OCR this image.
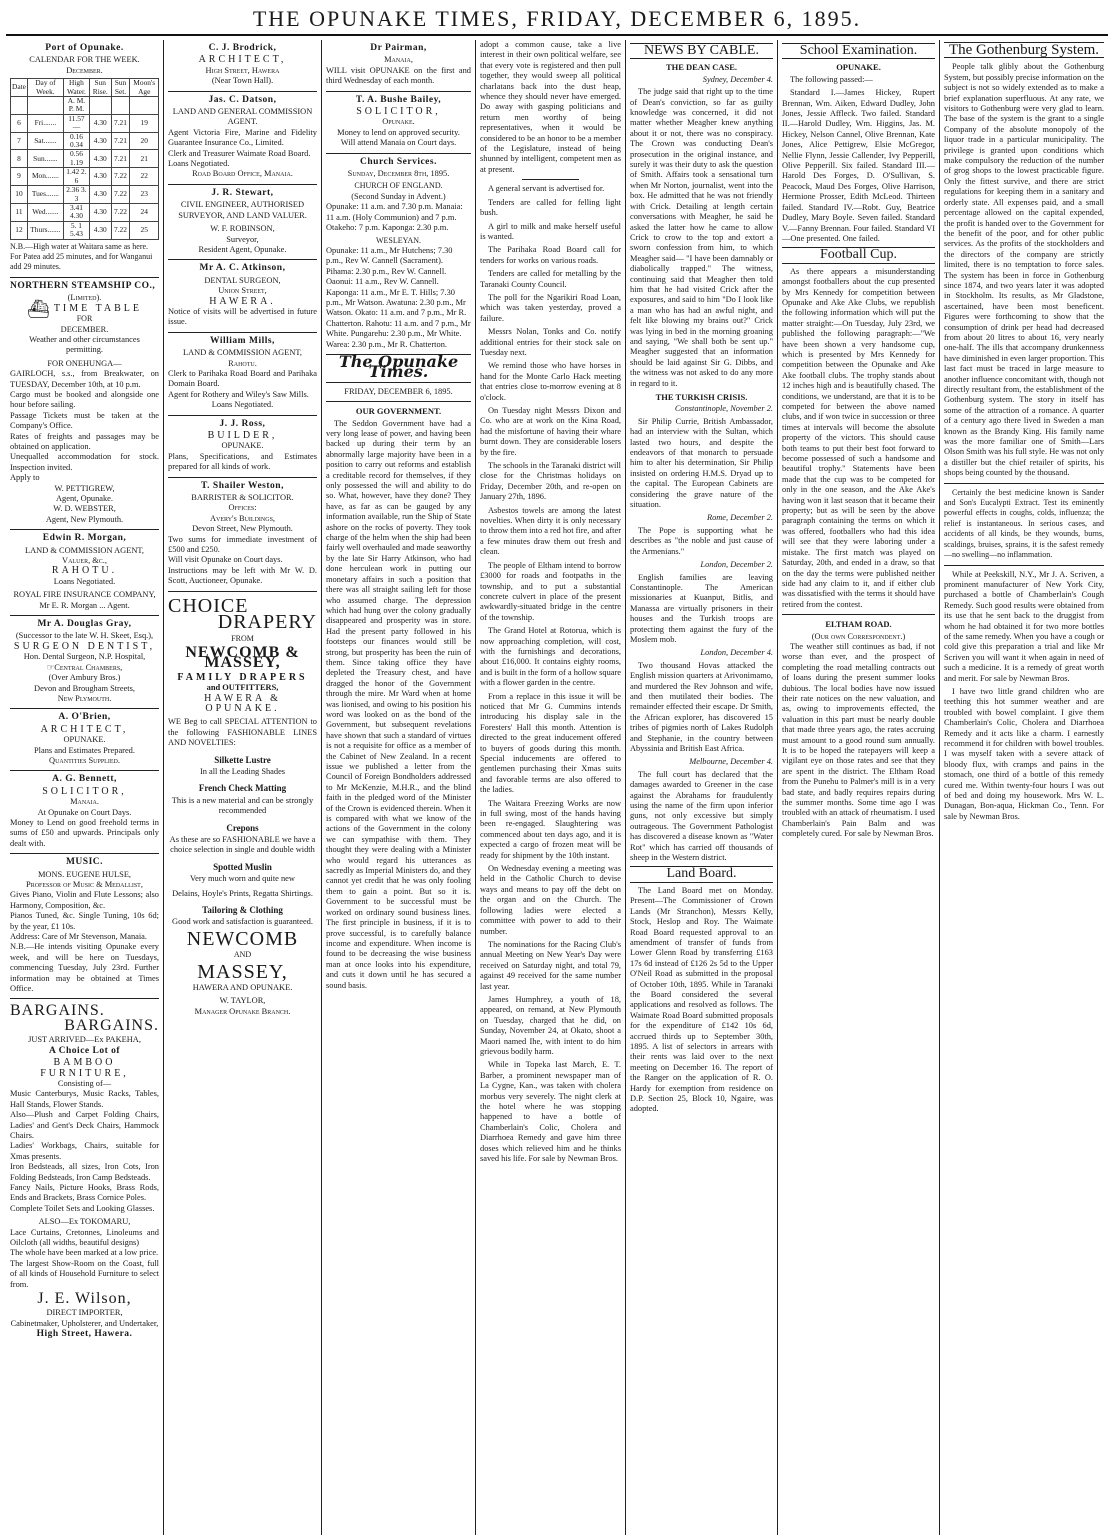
THE OPUNAKE TIMES, FRIDAY, DECEMBER 6, 1895.
Port of Opunake.
CALENDAR FOR THE WEEK.
December.
Date	Day of Week.	High Water.	Sun Rise.	Sun Set.	Moon's Age
		A. M. P. M.			
6	Fri.......	11.57 —	4.30	7.21	19
7	Sat.......	0.16 0.34	4.30	7.21	20
8	Sun.......	0.56 1.19	4.30	7.21	21
9	Mon.......	1.42 2. 6	4.30	7.22	22
10	Tues.......	2.36 3. 3	4.30	7.22	23
11	Wed.......	3.41 4.30	4.30	7.22	24
12	Thurs.......	5. 1 5.43	4.30	7.22	25
N.B.—High water at Waitara same as here. For Patea add 25 minutes, and for Wanganui add 29 minutes.
NORTHERN STEAMSHIP CO.,
(Limited).
⛴ TIME TABLE
FOR
DECEMBER.
Weather and other circumstances permitting.
FOR ONEHUNGA—
GAIRLOCH, s.s., from Breakwater, on TUESDAY, December 10th, at 10 p.m.
Cargo must be booked and alongside one hour before sailing.
Passage Tickets must be taken at the Company's Office.
Rates of freights and passages may be obtained on application.
Unequalled accommodation for stock. Inspection invited.
Apply to
W. PETTIGREW,
Agent, Opunake.
W. D. WEBSTER,
Agent, New Plymouth.
Edwin R. Morgan,
LAND & COMMISSION AGENT,
Valuer, &c.,
RAHOTU.
Loans Negotiated.
ROYAL FIRE INSURANCE COMPANY,
Mr E. R. Morgan ... Agent.
Mr A. Douglas Gray,
(Successor to the late W. H. Skeet, Esq.),
SURGEON DENTIST,
Hon. Dental Surgeon, N.P. Hospital,
☞Central Chambers,
(Over Ambury Bros.)
Devon and Brougham Streets,
New Plymouth.
A. O'Brien,
ARCHITECT,
OPUNAKE.
Plans and Estimates Prepared.
Quantities Supplied.
A. G. Bennett,
SOLICITOR,
Manaia.
At Opunake on Court Days.
Money to Lend on good freehold terms in sums of £50 and upwards. Principals only dealt with.
MUSIC.
MONS. EUGENE HULSE,
Professor of Music & Medallist,
Gives Piano, Violin and Flute Lessons; also Harmony, Composition, &c.
Pianos Tuned, &c. Single Tuning, 10s 6d; by the year, £1 10s.
Address: Care of Mr Stevenson, Manaia.
N.B.—He intends visiting Opunake every week, and will be here on Tuesdays, commencing Tuesday, July 23rd. Further information may be obtained at Times Office.
BARGAINS.
BARGAINS.
JUST ARRIVED—Ex PAKEHA,
A Choice Lot of
BAMBOO FURNITURE,
Consisting of—
Music Canterburys, Music Racks, Tables, Hall Stands, Flower Stands.
Also—Plush and Carpet Folding Chairs, Ladies' and Gent's Deck Chairs, Hammock Chairs.
Ladies' Workbags, Chairs, suitable for Xmas presents.
Iron Bedsteads, all sizes, Iron Cots, Iron Folding Bedsteads, Iron Camp Bedsteads.
Fancy Nails, Picture Hooks, Brass Rods, Ends and Brackets, Brass Cornice Poles.
Complete Toilet Sets and Looking Glasses.
ALSO—Ex TOKOMARU,
Lace Curtains, Cretonnes, Linoleums and Oilcloth (all widths, beautiful designs)
The whole have been marked at a low price.
The largest Show-Room on the Coast, full of all kinds of Household Furniture to select from.
J. E. Wilson,
DIRECT IMPORTER,
Cabinetmaker, Upholsterer, and Undertaker,
High Street, Hawera.
C. J. Brodrick,
ARCHITECT,
High Street, Hawera
(Near Town Hall).
Jas. C. Datson,
LAND AND GENERAL COMMISSION AGENT.
Agent Victoria Fire, Marine and Fidelity Guarantee Insurance Co., Limited.
Clerk and Treasurer Waimate Road Board.
Loans Negotiated.
Road Board Office, Manaia.
J. R. Stewart,
CIVIL ENGINEER, AUTHORISED SURVEYOR, AND LAND VALUER.
W. F. ROBINSON,
Surveyor,
Resident Agent, Opunake.
Mr A. C. Atkinson,
DENTAL SURGEON,
Union Street,
HAWERA.
Notice of visits will be advertised in future issue.
William Mills,
LAND & COMMISSION AGENT,
Rahotu.
Clerk to Parihaka Road Board and Parihaka Domain Board.
Agent for Rothery and Wiley's Saw Mills.
Loans Negotiated.
J. J. Ross,
BUILDER,
OPUNAKE.
Plans, Specifications, and Estimates prepared for all kinds of work.
T. Shailer Weston,
BARRISTER & SOLICITOR.
Offices:
Avery's Buildings,
Devon Street, New Plymouth.
Two sums for immediate investment of £500 and £250.
Will visit Opunake on Court days.
Instructions may be left with Mr W. D. Scott, Auctioneer, Opunake.
CHOICE
DRAPERY
FROM
NEWCOMB & MASSEY,
FAMILY DRAPERS
and OUTFITTERS,
HAWERA & OPUNAKE.
WE Beg to call SPECIAL ATTENTION to the following FASHIONABLE LINES AND NOVELTIES:
Silkette Lustre
In all the Leading Shades
French Check Matting
This is a new material and can be strongly recommended
Crepons
As these are so FASHIONABLE we have a choice selection in single and double width
Spotted Muslin
Very much worn and quite new
Delains, Hoyle's Prints, Regatta Shirtings.
Tailoring & Clothing
Good work and satisfaction is guaranteed.
NEWCOMB
AND
MASSEY,
HAWERA AND OPUNAKE.
W. TAYLOR,
Manager Opunake Branch.
Dr Pairman,
Manaia,
WILL visit OPUNAKE on the first and third Wednesday of each month.
T. A. Bushe Bailey,
SOLICITOR,
Opunake.
Money to lend on approved security.
Will attend Manaia on Court days.
Church Services.
Sunday, December 8th, 1895.
CHURCH OF ENGLAND.
(Second Sunday in Advent.)
Opunake: 11 a.m. and 7.30 p.m. Manaia: 11 a.m. (Holy Communion) and 7 p.m. Otakeho: 7 p.m. Kaponga: 2.30 p.m.
WESLEYAN.
Opunake: 11 a.m., Mr Hutchens; 7.30 p.m., Rev W. Cannell (Sacrament). Pihama: 2.30 p.m., Rev W. Cannell. Oaonui: 11 a.m., Rev W. Cannell. Kaponga: 11 a.m., Mr E. T. Hills; 7.30 p.m., Mr Watson. Awatuna: 2.30 p.m., Mr Watson. Okato: 11 a.m. and 7 p.m., Mr R. Chatterton. Rahotu: 11 a.m. and 7 p.m., Mr White. Pungarehu: 2.30 p.m., Mr White. Warea: 2.30 p.m., Mr R. Chatterton.
The Opunake Times.
FRIDAY, DECEMBER 6, 1895.
OUR GOVERNMENT.

The Seddon Government have had a very long lease of power, and having been backed up during their term by an abnormally large majority have been in a position to carry out reforms and establish a creditable record for themselves, if they only possessed the will and ability to do so. What, however, have they done? They have, as far as can be gauged by any information available, run the Ship of State ashore on the rocks of poverty. They took charge of the helm when the ship had been fairly well overhauled and made seaworthy by the late Sir Harry Atkinson, who had done herculean work in putting our monetary affairs in such a position that there was all straight sailing left for those who assumed charge. The depression which had hung over the colony gradually disappeared and prosperity was in store. Had the present party followed in his footsteps our finances would still be strong, but prosperity has been the ruin of them. Since taking office they have depleted the Treasury chest, and have dragged the honor of the Government through the mire. Mr Ward when at home was lionised, and owing to his position his word was looked on as the bond of the Government, but subsequent revelations have shown that such a standard of virtues is not a requisite for office as a member of the Cabinet of New Zealand. In a recent issue we published a letter from the Council of Foreign Bondholders addressed to Mr McKenzie, M.H.R., and the blind faith in the pledged word of the Minister of the Crown is evidenced therein. When it is compared with what we know of the actions of the Government in the colony we can sympathise with them. They thought they were dealing with a Minister who would regard his utterances as sacredly as Imperial Ministers do, and they cannot yet credit that he was only fooling them to gain a point. But so it is. Government to be successful must be worked on ordinary sound business lines. The first principle in business, if it is to prove successful, is to carefully balance income and expenditure. When income is found to be decreasing the wise business man at once looks into his expenditure, and cuts it down until he has secured a sound basis.

adopt a common cause, take a live interest in their own political welfare, see that every vote is registered and then pull together, they would sweep all political charlatans back into the dust heap, whence they should never have emerged. Do away with gasping politicians and return men worthy of being representatives, when it would be considered to be an honor to be a member of the Legislature, instead of being shunned by intelligent, competent men as at present.

A general servant is advertised for.

Tenders are called for felling light bush.

A girl to milk and make herself useful is wanted.

The Parihaka Road Board call for tenders for works on various roads.

Tenders are called for metalling by the Taranaki County Council.

The poll for the Ngarikiri Road Loan, which was taken yesterday, proved a failure.

Messrs Nolan, Tonks and Co. notify additional entries for their stock sale on Tuesday next.

We remind those who have horses in hand for the Monte Carlo Hack meeting that entries close to-morrow evening at 8 o'clock.

On Tuesday night Messrs Dixon and Co. who are at work on the Kina Road, had the misfortune of having their whare burnt down. They are considerable losers by the fire.

The schools in the Taranaki district will close for the Christmas holidays on Friday, December 20th, and re-open on January 27th, 1896.

Asbestos towels are among the latest novelties. When dirty it is only necessary to throw them into a red hot fire, and after a few minutes draw them out fresh and clean.

The people of Eltham intend to borrow £3000 for roads and footpaths in the township, and to put a substantial concrete culvert in place of the present awkwardly-situated bridge in the centre of the township.

The Grand Hotel at Rotorua, which is now approaching completion, will cost, with the furnishings and decorations, about £16,000. It contains eighty rooms, and is built in the form of a hollow square with a flower garden in the centre.

From a replace in this issue it will be noticed that Mr G. Cummins intends introducing his display sale in the Foresters' Hall this month. Attention is directed to the great inducement offered to buyers of goods during this month. Special inducements are offered to gentlemen purchasing their Xmas suits and favorable terms are also offered to the ladies.

The Waitara Freezing Works are now in full swing, most of the hands having been re-engaged. Slaughtering was commenced about ten days ago, and it is expected a cargo of frozen meat will be ready for shipment by the 10th instant.

On Wednesday evening a meeting was held in the Catholic Church to devise ways and means to pay off the debt on the organ and on the Church. The following ladies were elected a committee with power to add to their number.

The nominations for the Racing Club's annual Meeting on New Year's Day were received on Saturday night, and total 79, against 49 received for the same number last year.

James Humphrey, a youth of 18, appeared, on remand, at New Plymouth on Tuesday, charged that he did, on Sunday, November 24, at Okato, shoot a Maori named Ihe, with intent to do him grievous bodily harm.

While in Topeka last March, E. T. Barber, a prominent newspaper man of La Cygne, Kan., was taken with cholera morbus very severely. The night clerk at the hotel where he was stopping happened to have a bottle of Chamberlain's Colic, Cholera and Diarrhoea Remedy and gave him three doses which relieved him and he thinks saved his life. For sale by Newman Bros.

NEWS BY CABLE.
THE DEAN CASE.
Sydney, December 4.

The judge said that right up to the time of Dean's conviction, so far as guilty knowledge was concerned, it did not matter whether Meagher knew anything about it or not, there was no conspiracy. The Crown was conducting Dean's prosecution in the original instance, and surely it was their duty to ask the question of Smith. Affairs took a sensational turn when Mr Norton, journalist, went into the box. He admitted that he was not friendly with Crick. Detailing at length certain conversations with Meagher, he said he asked the latter how he came to allow Crick to crow to the top and extort a sworn confession from him, to which Meagher said— "I have been damnably or diabolically trapped." The witness, continuing said that Meagher then told him that he had visited Crick after the exposures, and said to him "Do I look like a man who has had an awful night, and felt like blowing my brains out?" Crick was lying in bed in the morning groaning and saying, "We shall both be sent up." Meagher suggested that an information should be laid against Sir G. Dibbs, and the witness was not asked to do any more in regard to it.

THE TURKISH CRISIS.
Constantinople, November 2.

Sir Philip Currie, British Ambassador, had an interview with the Sultan, which lasted two hours, and despite the endeavors of that monarch to persuade him to alter his determination, Sir Philip insisted on ordering H.M.S. Dryad up to the capital. The European Cabinets are considering the grave nature of the situation.

Rome, December 2.

The Pope is supporting what he describes as "the noble and just cause of the Armenians."

London, December 2.

English families are leaving Constantinople. The American missionaries at Kuanput, Bitlis, and Manassa are virtually prisoners in their houses and the Turkish troops are protecting them against the fury of the Moslem mob.

London, December 4.

Two thousand Hovas attacked the English mission quarters at Arivonimamo, and murdered the Rev Johnson and wife, and then mutilated their bodies. The remainder effected their escape. Dr Smith, the African explorer, has discovered 15 tribes of pigmies north of Lakes Rudolph and Stephanie, in the country between Abyssinia and British East Africa.

Melbourne, December 4.

The full court has declared that the damages awarded to Greener in the case against the Abrahams for fraudulently using the name of the firm upon inferior guns, not only excessive but simply outrageous. The Government Pathologist has discovered a disease known as "Water Rot" which has carried off thousands of sheep in the Western district.

Land Board.

The Land Board met on Monday. Present—The Commissioner of Crown Lands (Mr Stranchon), Messrs Kelly, Stock, Heslop and Roy. The Waimate Road Board requested approval to an amendment of transfer of funds from Lower Glenn Road by transferring £163 17s 6d instead of £126 2s 5d to the Upper O'Neil Road as submitted in the proposal of October 10th, 1895. While in Taranaki the Board considered the several applications and resolved as follows. The Waimate Road Board submitted proposals for the expenditure of £142 10s 6d, accrued thirds up to September 30th, 1895. A list of selectors in arrears with their rents was laid over to the next meeting on December 16. The report of the Ranger on the application of R. O. Hardy for exemption from residence on D.P. Section 25, Block 10, Ngaire, was adopted.

School Examination.
OPUNAKE.

The following passed:—

Standard I.—James Hickey, Rupert Brennan, Wm. Aiken, Edward Dudley, John Jones, Jessie Affleck. Two failed. Standard II.—Harold Dudley, Wm. Higgins, Jas. M. Hickey, Nelson Cannel, Olive Brennan, Kate Jones, Alice Pettigrew, Elsie McGregor, Nellie Flynn, Jessie Callender, Ivy Pepperill, Olive Pepperill. Six failed. Standard III.—Harold Des Forges, D. O'Sullivan, S. Peacock, Maud Des Forges, Olive Harrison, Hermione Prosser, Edith McLeod. Thirteen failed. Standard IV.—Robt. Guy, Beatrice Dudley, Mary Boyle. Seven failed. Standard V.—Fanny Brennan. Four failed. Standard VI—One presented. One failed.

Football Cup.

As there appears a misunderstanding amongst footballers about the cup presented by Mrs Kennedy for competition between Opunake and Ake Ake Clubs, we republish the following information which will put the matter straight:—On Tuesday, July 23rd, we published the following paragraph:—"We have been shown a very handsome cup, which is presented by Mrs Kennedy for competition between the Opunake and Ake Ake football clubs. The trophy stands about 12 inches high and is beautifully chased. The conditions, we understand, are that it is to be competed for between the above named clubs, and if won twice in succession or three times at intervals will become the absolute property of the victors. This should cause both teams to put their best foot forward to become possessed of such a handsome and beautiful trophy." Statements have been made that the cup was to be competed for only in the one season, and the Ake Ake's having won it last season that it became their property; but as will be seen by the above paragraph containing the terms on which it was offered, footballers who had this idea will see that they were laboring under a mistake. The first match was played on Saturday, 20th, and ended in a draw, so that on the day the terms were published neither side had any claim to it, and if either club was dissatisfied with the terms it should have retired from the contest.

ELTHAM ROAD.
(Our own Correspondent.)

The weather still continues as bad, if not worse than ever, and the prospect of completing the road metalling contracts out of loans during the present summer looks dubious. The local bodies have now issued their rate notices on the new valuation, and as, owing to improvements effected, the valuation in this part must be nearly double that made three years ago, the rates accruing must amount to a good round sum annually. It is to be hoped the ratepayers will keep a vigilant eye on those rates and see that they are spent in the district. The Eltham Road from the Punehu to Palmer's mill is in a very bad state, and badly requires repairs during the summer months. Some time ago I was troubled with an attack of rheumatism. I used Chamberlain's Pain Balm and was completely cured. For sale by Newman Bros.

The Gothenburg System.

People talk glibly about the Gothenburg System, but possibly precise information on the subject is not so widely extended as to make a brief explanation superfluous. At any rate, we visitors to Gothenburg were very glad to learn. The base of the system is the grant to a single Company of the absolute monopoly of the liquor trade in a particular municipality. The privilege is granted upon conditions which make compulsory the reduction of the number of grog shops to the lowest practicable figure. Only the fittest survive, and there are strict regulations for keeping them in a sanitary and orderly state. All expenses paid, and a small percentage allowed on the capital expended, the profit is handed over to the Government for the benefit of the poor, and for other public services. As the profits of the stockholders and the directors of the company are strictly limited, there is no temptation to force sales. The system has been in force in Gothenburg since 1874, and two years later it was adopted in Stockholm. Its results, as Mr Gladstone, ascertained, have been most beneficent. Figures were forthcoming to show that the consumption of drink per head had decreased from about 20 litres to about 16, very nearly one-half. The ills that accompany drunkenness have diminished in even larger proportion. This last fact must be traced in large measure to another influence concomitant with, though not directly resultant from, the establishment of the Gothenburg system. The story in itself has some of the attraction of a romance. A quarter of a century ago there lived in Sweden a man known as the Brandy King. His family name was the more familiar one of Smith—Lars Olson Smith was his full style. He was not only a distiller but the chief retailer of spirits, his shops being counted by the thousand.

Certainly the best medicine known is Sander and Son's Eucalypti Extract. Test its eminently powerful effects in coughs, colds, influenza; the relief is instantaneous. In serious cases, and accidents of all kinds, be they wounds, burns, scaldings, bruises, sprains, it is the safest remedy—no swelling—no inflammation.

While at Peekskill, N.Y., Mr J. A. Scriven, a prominent manufacturer of New York City, purchased a bottle of Chamberlain's Cough Remedy. Such good results were obtained from its use that he sent back to the druggist from whom he had obtained it for two more bottles of the same remedy. When you have a cough or cold give this preparation a trial and like Mr Scriven you will want it when again in need of such a medicine. It is a remedy of great worth and merit. For sale by Newman Bros.

I have two little grand children who are teething this hot summer weather and are troubled with bowel complaint. I give them Chamberlain's Colic, Cholera and Diarrhoea Remedy and it acts like a charm. I earnestly recommend it for children with bowel troubles. I was myself taken with a severe attack of bloody flux, with cramps and pains in the stomach, one third of a bottle of this remedy cured me. Within twenty-four hours I was out of bed and doing my housework. Mrs W. L. Dunagan, Bon-aqua, Hickman Co., Tenn. For sale by Newman Bros.
